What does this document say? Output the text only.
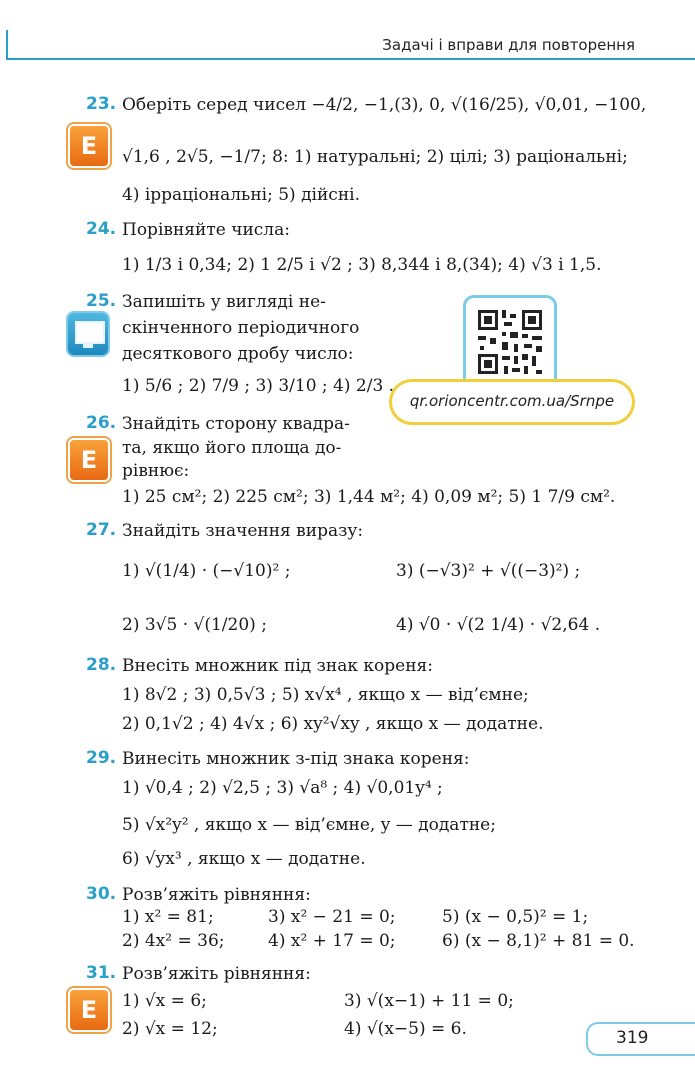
Задачі і вправи для повторення
23. Оберіть серед чисел −4/2, −1,(3), 0, √(16/25), √0,01, −100,
Е	√1,6 , 2√5, −1/7; 8: 1) натуральні; 2) цілі; 3) раціональні;
4) ірраціональні; 5) дійсні.
24. Порівняйте числа:
1) 1/3 і 0,34; 2) 1 2/5 і √2 ; 3) 8,344 і 8,(34); 4) √3 і 1,5.
25. Запишіть у вигляді не-
скінченного періодичного
десяткового дробу число:
1) 5/6 ; 2) 7/9 ; 3) 3/10 ; 4) 2/3 .
qr.orioncentr.com.ua/Srnpe
26. Знайдіть сторону квадра-
Е	та, якщо його площа до-
рівнює:
1) 25 см²; 2) 225 см²; 3) 1,44 м²; 4) 0,09 м²; 5) 1 7/9 см².
27. Знайдіть значення виразу:
1) √(1/4) · (−√10)² ;	3) (−√3)² + √((−3)²) ;
2) 3√5 · √(1/20) ;	4) √0 · √(2 1/4) · √2,64 .
28. Внесіть множник під знак кореня:
1) 8√2 ; 3) 0,5√3 ; 5) x√x⁴ , якщо x — від’ємне;
2) 0,1√2 ; 4) 4√x ; 6) xy²√xy , якщо x — додатне.
29. Винесіть множник з-під знака кореня:
1) √0,4 ; 2) √2,5 ; 3) √a⁸ ; 4) √0,01y⁴ ;
5) √x²y² , якщо x — від’ємне, y — додатне;
6) √yx³ , якщо x — додатне.
30. Розв’яжіть рівняння:
1) x² = 81;	3) x² − 21 = 0;	5) (x − 0,5)² = 1;
2) 4x² = 36;	4) x² + 17 = 0;	6) (x − 8,1)² + 81 = 0.
31. Розв’яжіть рівняння:
Е	1) √x = 6;	3) √(x−1) + 11 = 0;
2) √x = 12;	4) √(x−5) = 6.	319
